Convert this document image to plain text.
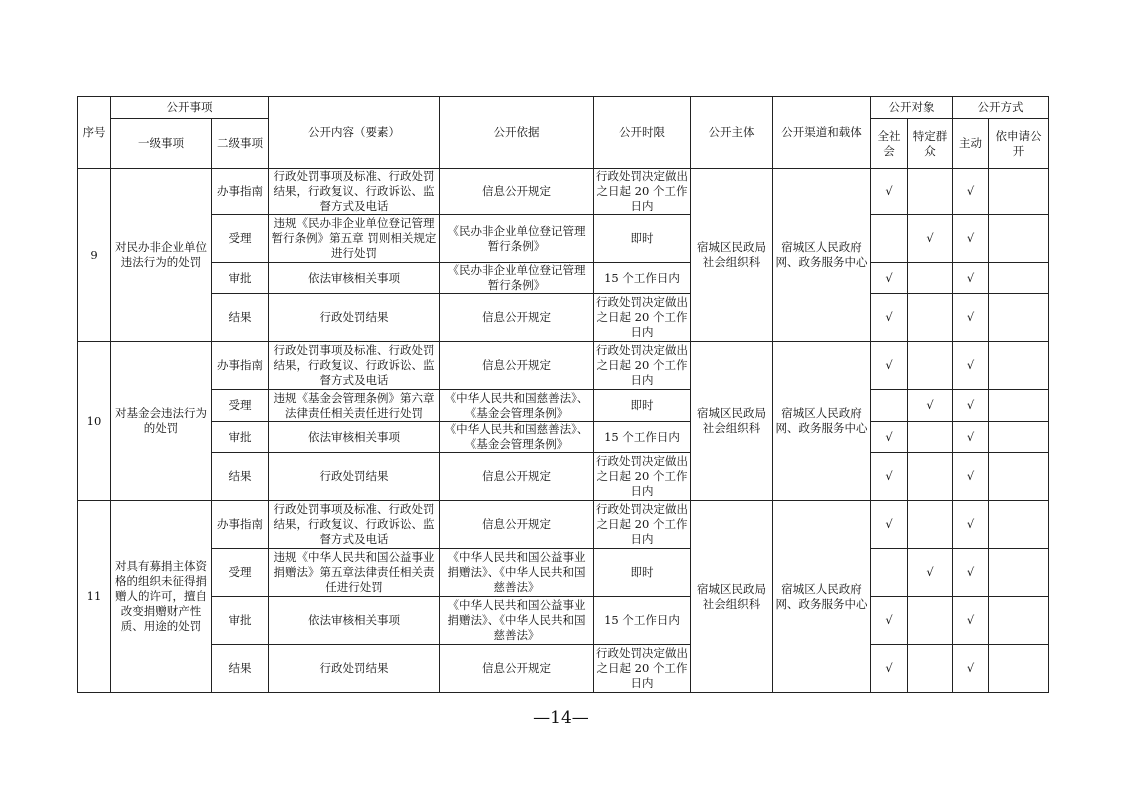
序号	公开事项		公开内容（要素）	公开依据	公开时限	公开主体	公开渠道和载体	公开对象		公开方式	
	一级事项	二级事项						全社会	特定群众	主动	依申请公开
9	对民办非企业单位违法行为的处罚	办事指南	行政处罚事项及标准、行政处罚结果，行政复议、行政诉讼、监督方式及电话	信息公开规定	行政处罚决定做出之日起 20 个工作日内	宿城区民政局社会组织科	宿城区人民政府网、政务服务中心	√		√	
		受理	违规《民办非企业单位登记管理暂行条例》第五章 罚则相关规定进行处罚	《民办非企业单位登记管理暂行条例》	即时				√	√	
		审批	依法审核相关事项	《民办非企业单位登记管理暂行条例》	15 个工作日内			√		√	
		结果	行政处罚结果	信息公开规定	行政处罚决定做出之日起 20 个工作日内			√		√	
10	对基金会违法行为的处罚	办事指南	行政处罚事项及标准、行政处罚结果，行政复议、行政诉讼、监督方式及电话	信息公开规定	行政处罚决定做出之日起 20 个工作日内	宿城区民政局社会组织科	宿城区人民政府网、政务服务中心	√		√	
		受理	违规《基金会管理条例》第六章法律责任相关责任进行处罚	《中华人民共和国慈善法》、《基金会管理条例》	即时				√	√	
		审批	依法审核相关事项	《中华人民共和国慈善法》、《基金会管理条例》	15 个工作日内			√		√	
		结果	行政处罚结果	信息公开规定	行政处罚决定做出之日起 20 个工作日内			√		√	
11	对具有募捐主体资格的组织未征得捐赠人的许可，擅自改变捐赠财产性质、用途的处罚	办事指南	行政处罚事项及标准、行政处罚结果，行政复议、行政诉讼、监督方式及电话	信息公开规定	行政处罚决定做出之日起 20 个工作日内	宿城区民政局社会组织科	宿城区人民政府网、政务服务中心	√		√	
		受理	违规《中华人民共和国公益事业捐赠法》第五章法律责任相关责任进行处罚	《中华人民共和国公益事业捐赠法》、《中华人民共和国慈善法》	即时				√	√	
		审批	依法审核相关事项	《中华人民共和国公益事业捐赠法》、《中华人民共和国慈善法》	15 个工作日内			√		√	
		结果	行政处罚结果	信息公开规定	行政处罚决定做出之日起 20 个工作日内			√		√	
—14—
